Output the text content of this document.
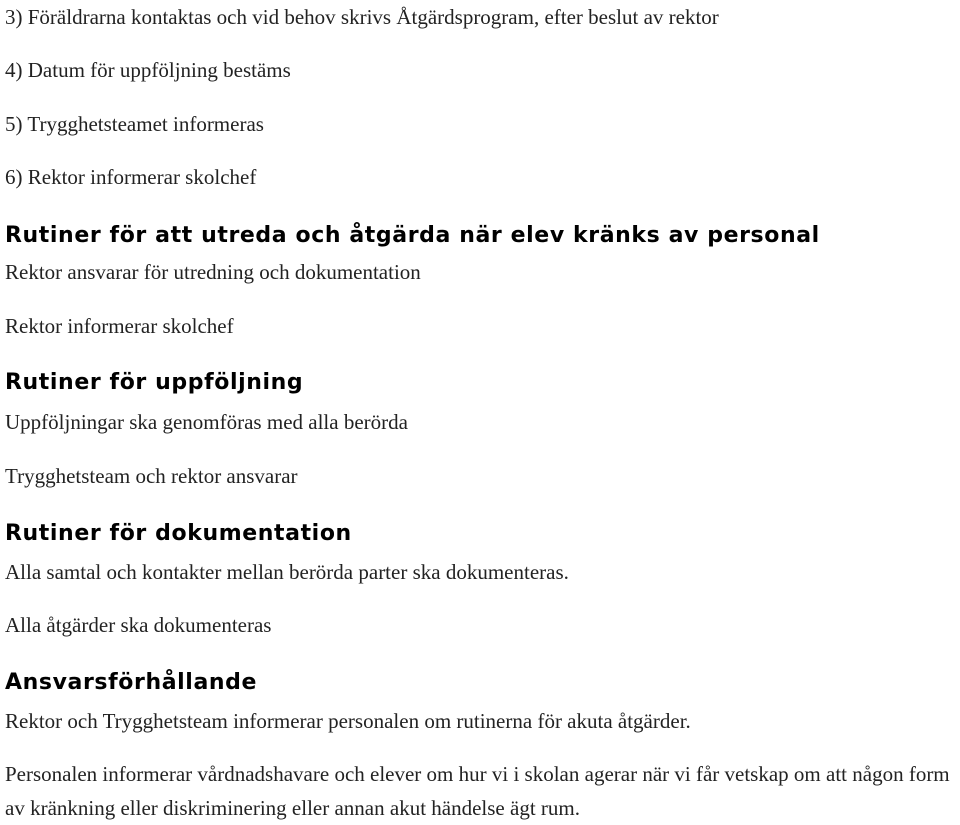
3) Föräldrarna kontaktas och vid behov skrivs Åtgärdsprogram, efter beslut av rektor
4) Datum för uppföljning bestäms
5) Trygghetsteamet informeras
6) Rektor informerar skolchef
Rutiner för att utreda och åtgärda när elev kränks av personal
Rektor ansvarar för utredning och dokumentation
Rektor informerar skolchef
Rutiner för uppföljning
Uppföljningar ska genomföras med alla berörda
Trygghetsteam och rektor ansvarar
Rutiner för dokumentation
Alla samtal och kontakter mellan berörda parter ska dokumenteras.
Alla åtgärder ska dokumenteras
Ansvarsförhållande
Rektor och Trygghetsteam informerar personalen om rutinerna för akuta åtgärder.
Personalen informerar vårdnadshavare och elever om hur vi i skolan agerar när vi får vetskap om att någon form av kränkning eller diskriminering eller annan akut händelse ägt rum.
